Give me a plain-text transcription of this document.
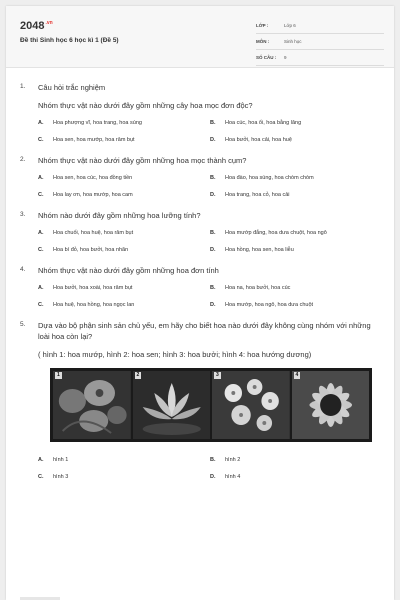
$2048^{.vn}$
Đề thi Sinh học 6 học kì 1 (Đề 5)
LỚP :	Lớp 6
MÔN :	Sinh học
SỐ CÂU :	9
1.	Câu hỏi trắc nghiệm
Nhóm thực vật nào dưới đây gồm những cây hoa mọc đơn độc?
A.	Hoa phượng vĩ, hoa trang, hoa súng	B.	Hoa cúc, hoa ổi, hoa bằng lăng
C.	Hoa sen, hoa mướp, hoa râm bụt	D.	Hoa bưởi, hoa cải, hoa huệ
2.	Nhóm thực vật nào dưới đây gồm những hoa mọc thành cụm?
A.	Hoa sen, hoa cúc, hoa đồng tiền	B.	Hoa đào, hoa súng, hoa chòm chòm
C.	Hoa lay ơn, hoa mướp, hoa cam	D.	Hoa trang, hoa cỏ, hoa cải
3.	Nhóm nào dưới đây gồm những hoa lưỡng tính?
A.	Hoa chuối, hoa huệ, hoa râm bụt	B.	Hoa mướp đắng, hoa dưa chuột, hoa ngô
C.	Hoa bí đỏ, hoa bưởi, hoa nhãn	D.	Hoa hồng, hoa sen, hoa liễu
4.	Nhóm thực vật nào dưới đây gồm những hoa đơn tính
A.	Hoa bưởi, hoa xoài, hoa râm bụt	B.	Hoa na, hoa bưởi, hoa cúc
C.	Hoa huệ, hoa hồng, hoa ngọc lan	D.	Hoa mướp, hoa ngô, hoa dưa chuột
5.	Dựa vào bộ phận sinh sản chủ yếu, em hãy cho biết hoa nào dưới đây không cùng nhóm với những loài hoa còn lại?
( hình 1: hoa mướp, hình 2: hoa sen; hình 3: hoa bưởi; hình 4: hoa hướng dương)
1	2	3	4
A.	hình 1	B.	hình 2
C.	hình 3	D.	hình 4
